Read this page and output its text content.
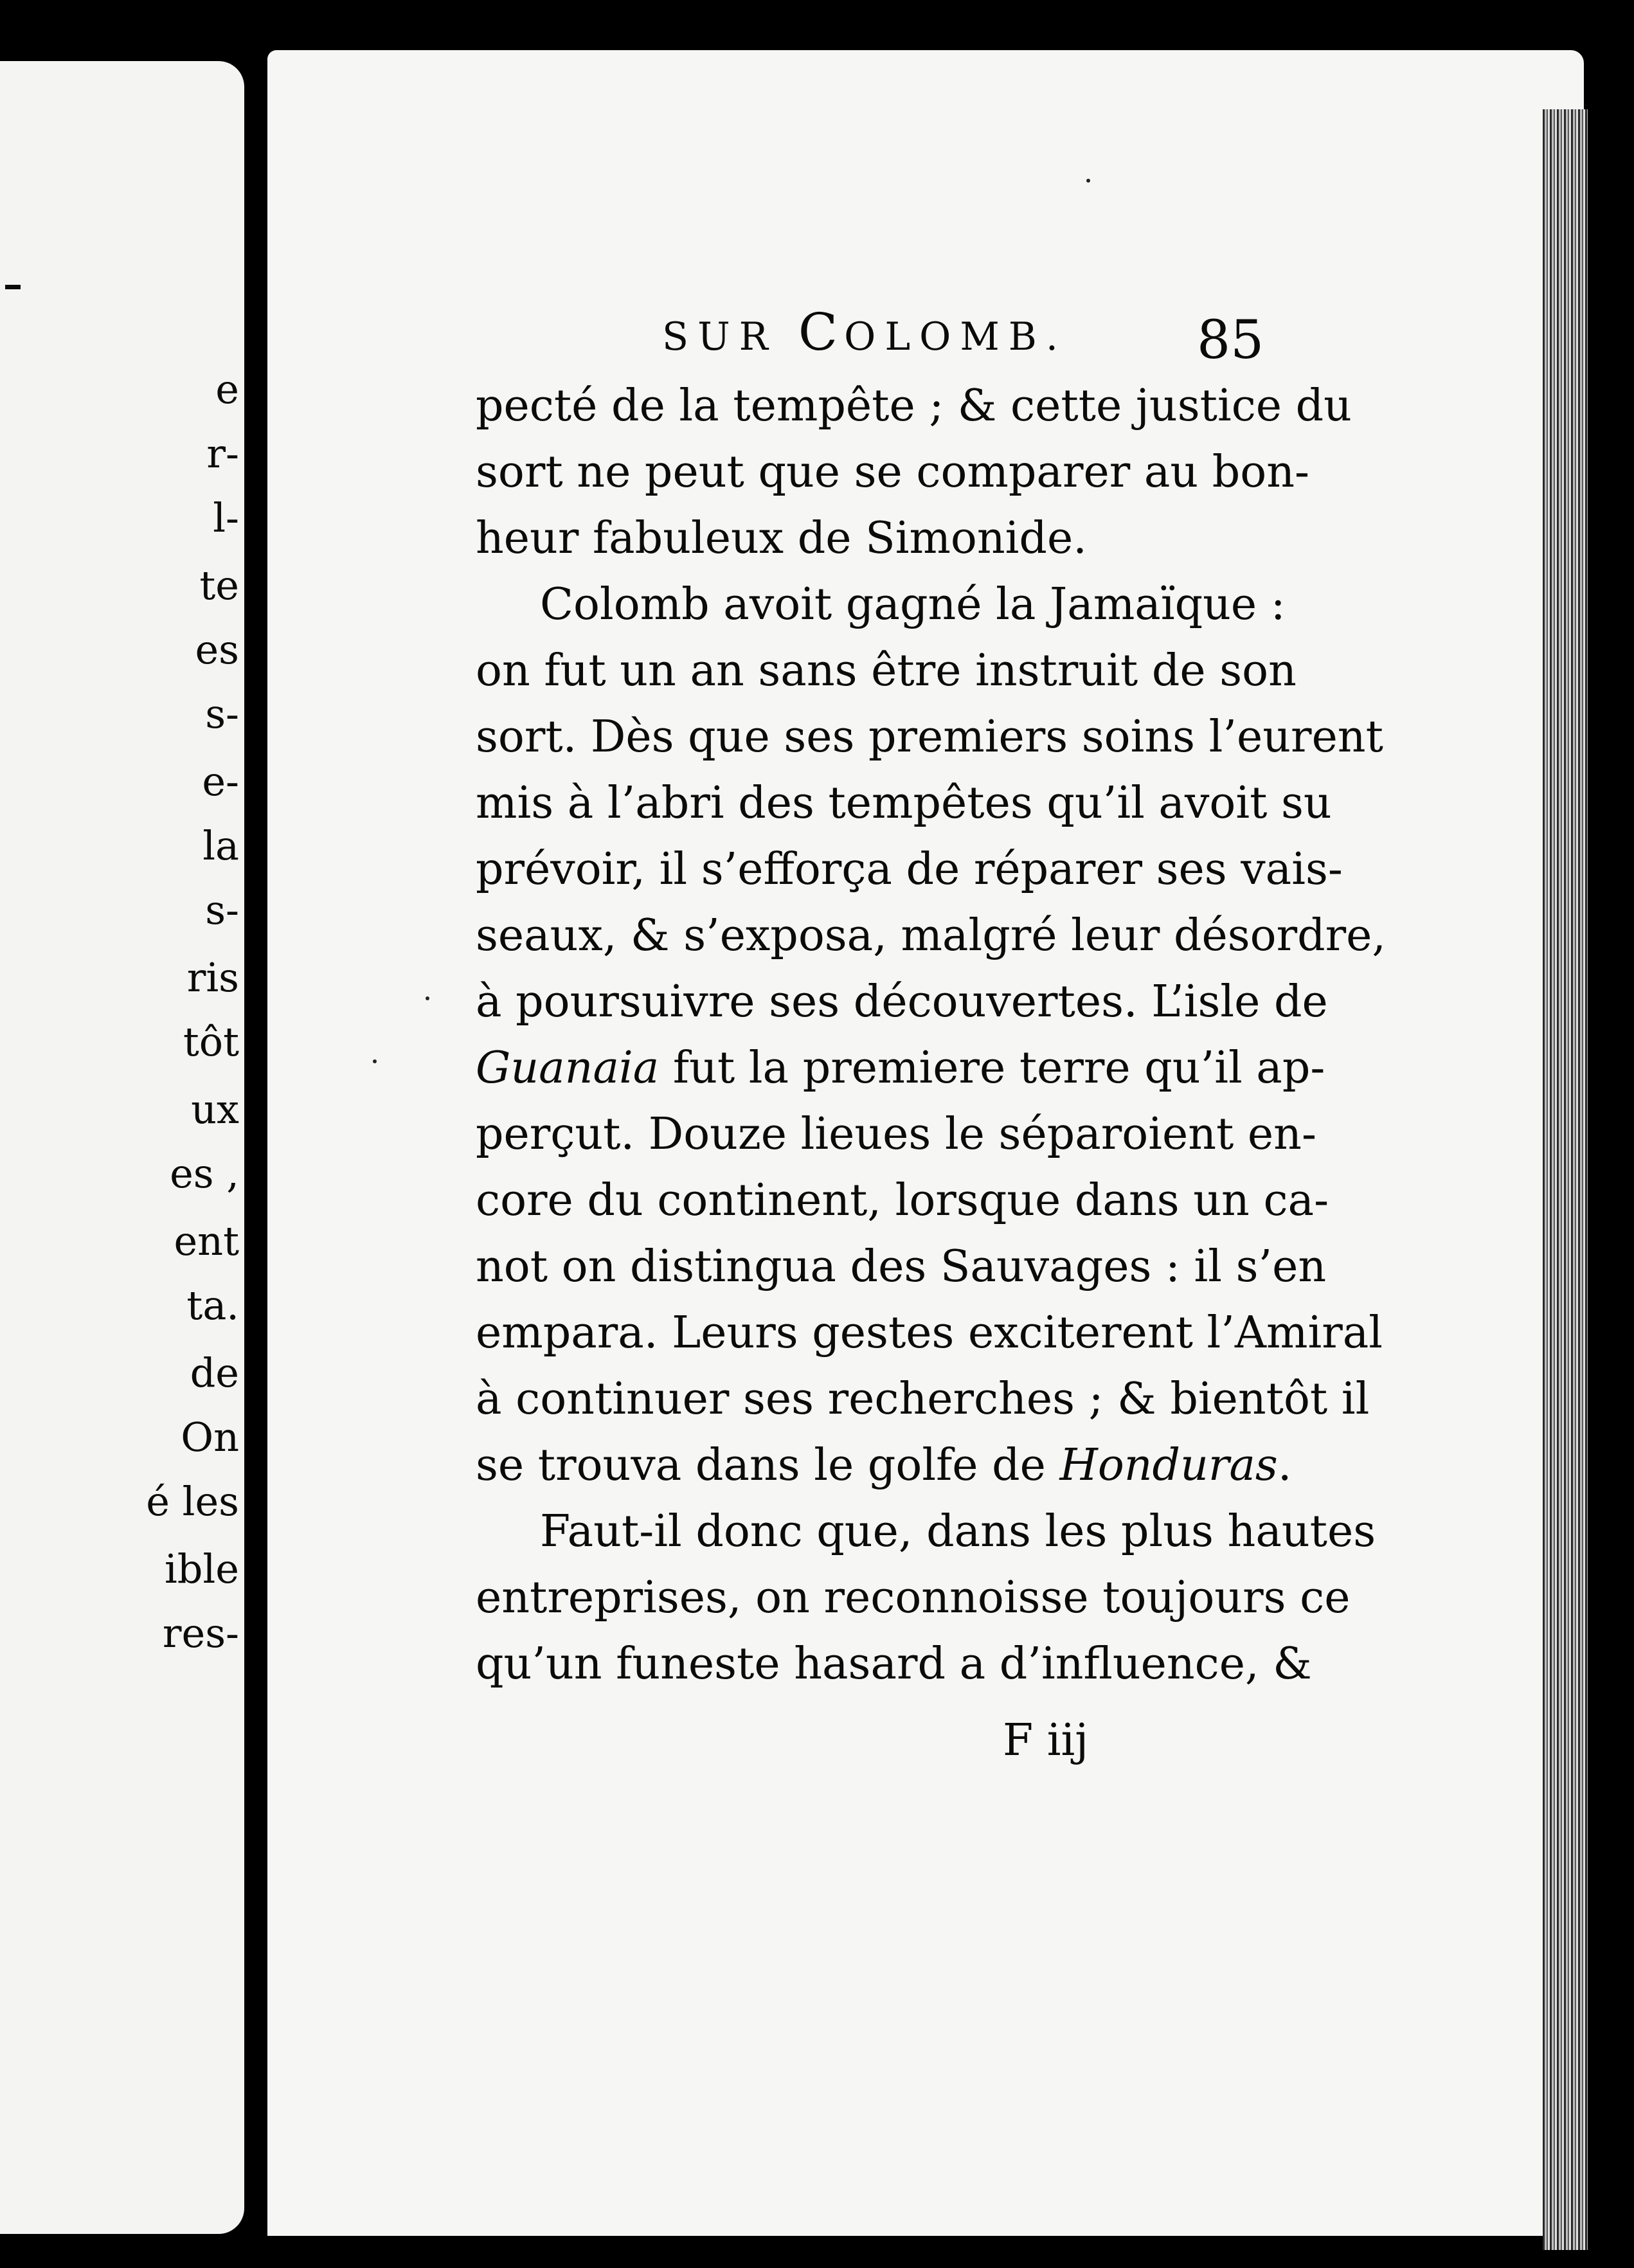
e
r-
l-
te
es
s-
e-
la
s-
ris
tôt
ux
es ,
ent
ta.
de
On
é les
ible
res-
SUR COLOMB. 85
pecté de la tempête ; & cette justice du
sort ne peut que se comparer au bon-
heur fabuleux de Simonide.
Colomb avoit gagné la Jamaïque :
on fut un an sans être instruit de son
sort. Dès que ses premiers soins l’eurent
mis à l’abri des tempêtes qu’il avoit su
prévoir, il s’efforça de réparer ses vais-
seaux, & s’exposa, malgré leur désordre,
à poursuivre ses découvertes. L’isle de
Guanaia fut la premiere terre qu’il ap-
perçut. Douze lieues le séparoient en-
core du continent, lorsque dans un ca-
not on distingua des Sauvages : il s’en
empara. Leurs gestes exciterent l’Amiral
à continuer ses recherches ; & bientôt il
se trouva dans le golfe de Honduras.
Faut-il donc que, dans les plus hautes
entreprises, on reconnoisse toujours ce
qu’un funeste hasard a d’influence, &
F iij
